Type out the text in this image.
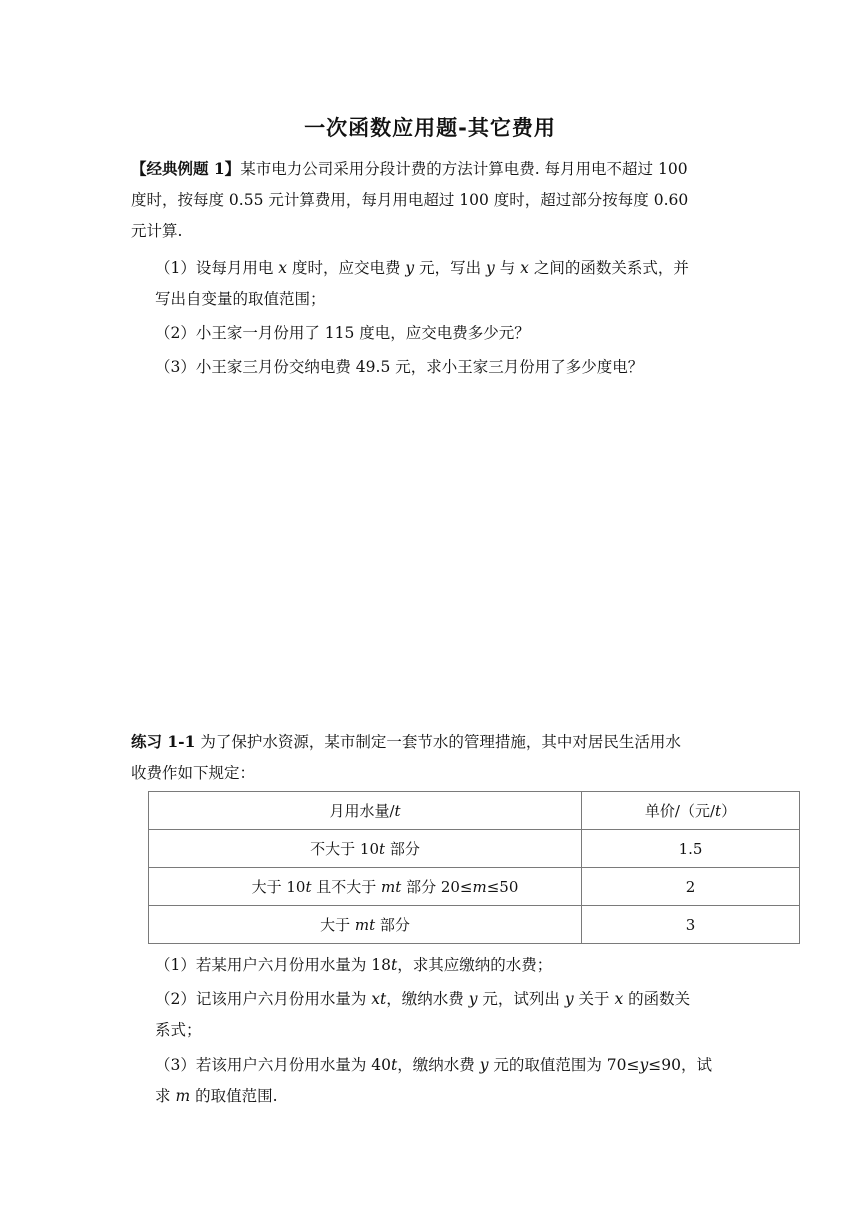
一次函数应用题-其它费用
【经典例题 1】某市电力公司采用分段计费的方法计算电费. 每月用电不超过 100
度时，按每度 0.55 元计算费用，每月用电超过 100 度时，超过部分按每度 0.60
元计算.
（1）设每月用电 x 度时，应交电费 y 元，写出 y 与 x 之间的函数关系式，并
写出自变量的取值范围；
（2）小王家一月份用了 115 度电，应交电费多少元？
（3）小王家三月份交纳电费 49.5 元，求小王家三月份用了多少度电？
练习 1-1 为了保护水资源，某市制定一套节水的管理措施，其中对居民生活用水
收费作如下规定：
月用水量/t	单价/（元/t）
不大于 10t 部分	1.5
大于 10t 且不大于 mt 部分 20≤m≤50	2
大于 mt 部分	3
（1）若某用户六月份用水量为 18t，求其应缴纳的水费；
（2）记该用户六月份用水量为 xt，缴纳水费 y 元，试列出 y 关于 x 的函数关
系式；
（3）若该用户六月份用水量为 40t，缴纳水费 y 元的取值范围为 70≤y≤90，试
求 m 的取值范围.
